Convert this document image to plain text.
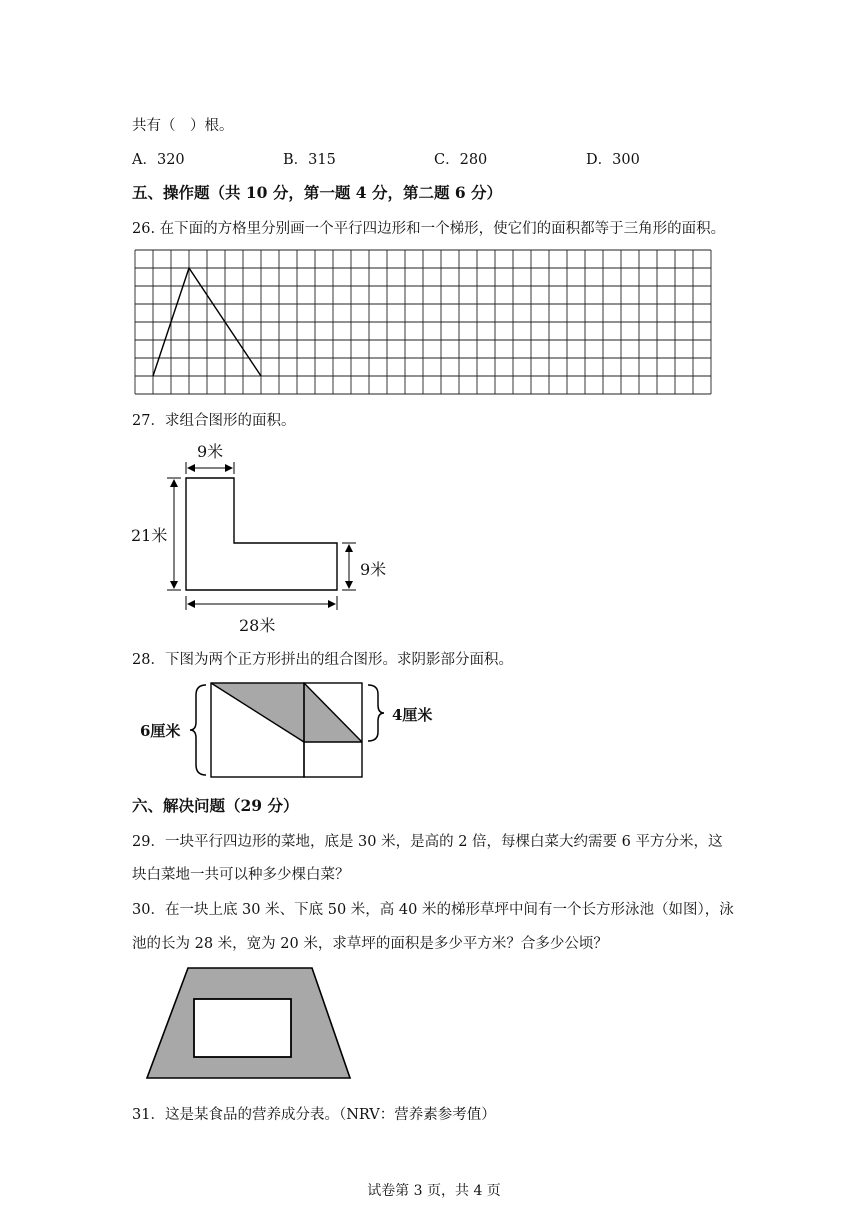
共有（　）根。
A．320	B．315	C．280	D．300
五、操作题（共 10 分，第一题 4 分，第二题 6 分）
26. 在下面的方格里分别画一个平行四边形和一个梯形，使它们的面积都等于三角形的面积。
27．求组合图形的面积。
9米
21米
9米
28米
28．下图为两个正方形拼出的组合图形。求阴影部分面积。
6厘米
4厘米
六、解决问题（29 分）
29．一块平行四边形的菜地，底是 30 米，是高的 2 倍，每棵白菜大约需要 6 平方分米，这
块白菜地一共可以种多少棵白菜？
30．在一块上底 30 米、下底 50 米，高 40 米的梯形草坪中间有一个长方形泳池（如图），泳
池的长为 28 米，宽为 20 米，求草坪的面积是多少平方米？合多少公顷？
31．这是某食品的营养成分表。（NRV：营养素参考值）
试卷第 3 页，共 4 页
